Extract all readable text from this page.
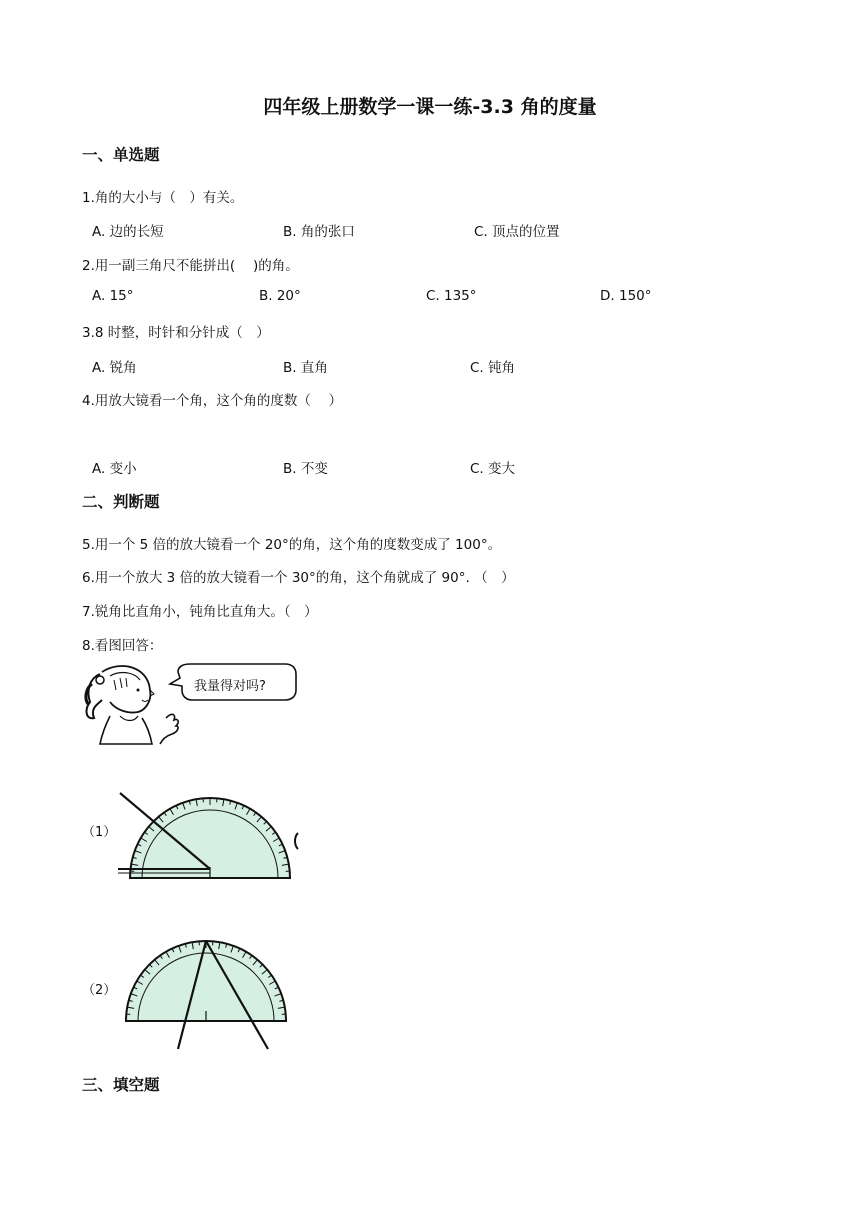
四年级上册数学一课一练-3.3 角的度量
一、单选题
1.角的大小与（　）有关。
A. 边的长短	B. 角的张口	C. 顶点的位置
2.用一副三角尺不能拼出(　 )的角。
A. 15°	B. 20°	C. 135°	D. 150°
3.8 时整，时针和分针成（　）
A. 锐角	B. 直角	C. 钝角
4.用放大镜看一个角，这个角的度数（　 ）
A. 变小	B. 不变	C. 变大
二、判断题
5.用一个 5 倍的放大镜看一个 20°的角，这个角的度数变成了 100°。
6.用一个放大 3 倍的放大镜看一个 30°的角，这个角就成了 90°. （　）
7.锐角比直角小，钝角比直角大。（　）
8.看图回答：
我量得对吗?
（1）
（2）
三、填空题
